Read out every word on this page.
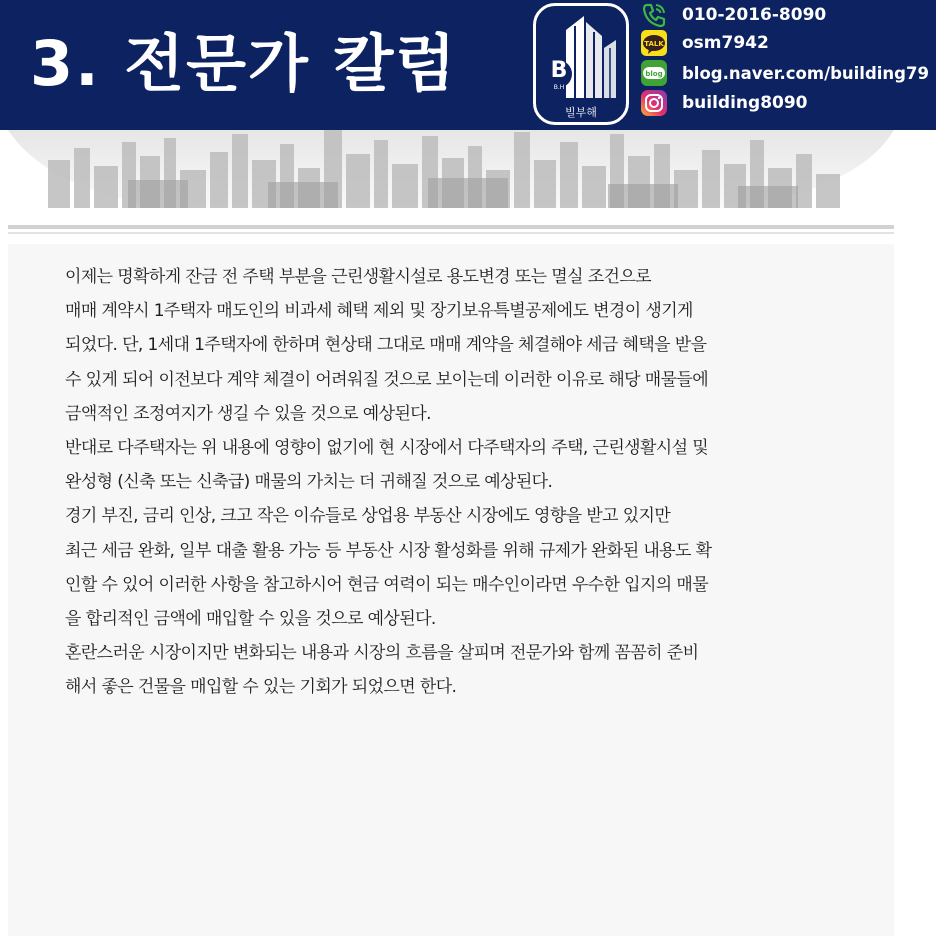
3. 전문가 칼럼	B
B.H
빌부해
010-2016-8090
TALK osm7942
blog blog.naver.com/building79
building8090
이제는 명확하게 잔금 전 주택 부분을 근린생활시설로 용도변경 또는 멸실 조건으로
매매 계약시 1주택자 매도인의 비과세 혜택 제외 및 장기보유특별공제에도 변경이 생기게
되었다. 단, 1세대 1주택자에 한하며 현상태 그대로 매매 계약을 체결해야 세금 혜택을 받을
수 있게 되어 이전보다 계약 체결이 어려워질 것으로 보이는데 이러한 이유로 해당 매물들에
금액적인 조정여지가 생길 수 있을 것으로 예상된다.
반대로 다주택자는 위 내용에 영향이 없기에 현 시장에서 다주택자의 주택, 근린생활시설 및
완성형 (신축 또는 신축급) 매물의 가치는 더 귀해질 것으로 예상된다.
경기 부진, 금리 인상, 크고 작은 이슈들로 상업용 부동산 시장에도 영향을 받고 있지만
최근 세금 완화, 일부 대출 활용 가능 등 부동산 시장 활성화를 위해 규제가 완화된 내용도 확
인할 수 있어 이러한 사항을 참고하시어 현금 여력이 되는 매수인이라면 우수한 입지의 매물
을 합리적인 금액에 매입할 수 있을 것으로 예상된다.
혼란스러운 시장이지만 변화되는 내용과 시장의 흐름을 살피며 전문가와 함께 꼼꼼히 준비
해서 좋은 건물을 매입할 수 있는 기회가 되었으면 한다.
